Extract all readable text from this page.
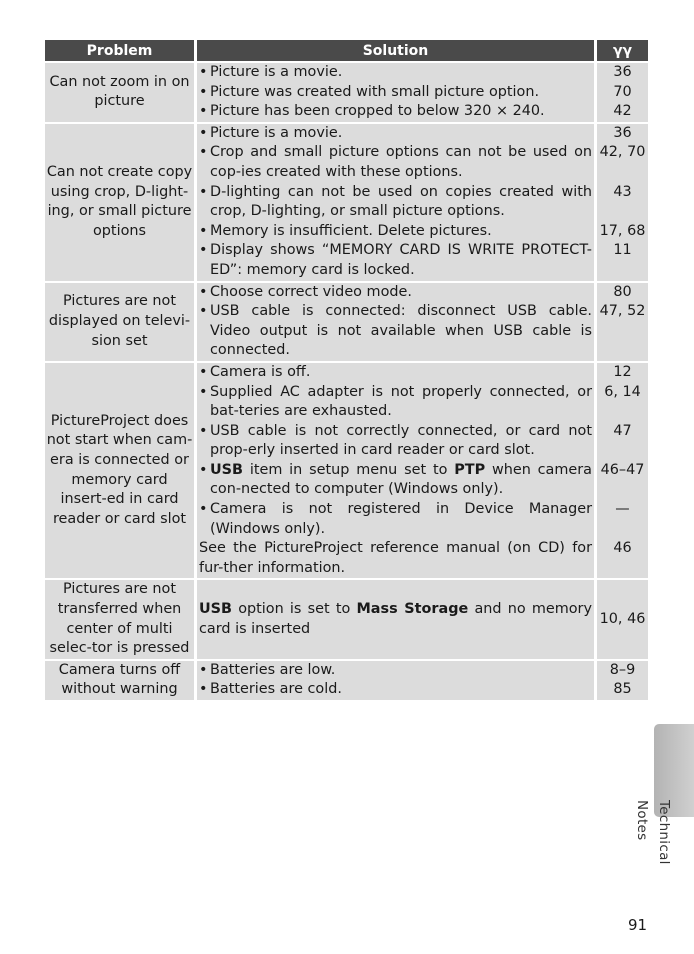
Problem	Solution	γγ
Can not zoom in on picture
• Picture is a movie.
• Picture was created with small picture option.
• Picture has been cropped to below 320 × 240.
36
70
42
Can not create copy using crop, D-light-ing, or small picture options
• Picture is a movie.
• Crop and small picture options can not be used on cop-ies created with these options.
• D-lighting can not be used on copies created with crop, D-lighting, or small picture options.
• Memory is insufficient. Delete pictures.
• Display shows “MEMORY CARD IS WRITE PROTECT-ED”: memory card is locked.
36
42, 70
43
17, 68
11
Pictures are not displayed on televi-sion set
• Choose correct video mode.
• USB cable is connected: disconnect USB cable. Video output is not available when USB cable is connected.
80
47, 52
PictureProject does not start when cam-era is connected or memory card insert-ed in card reader or card slot
• Camera is off.
• Supplied AC adapter is not properly connected, or bat-teries are exhausted.
• USB cable is not correctly connected, or card not prop-erly inserted in card reader or card slot.
• USB item in setup menu set to PTP when camera con-nected to computer (Windows only).
• Camera is not registered in Device Manager (Windows only).
See the PictureProject reference manual (on CD) for fur-ther information.
12
6, 14
47
46–47
—
46
Pictures are not transferred when center of multi selec-tor is pressed
USB option is set to Mass Storage and no memory card is inserted
10, 46
Camera turns off without warning
• Batteries are low.
• Batteries are cold.
8–9
85
Technical Notes
91
